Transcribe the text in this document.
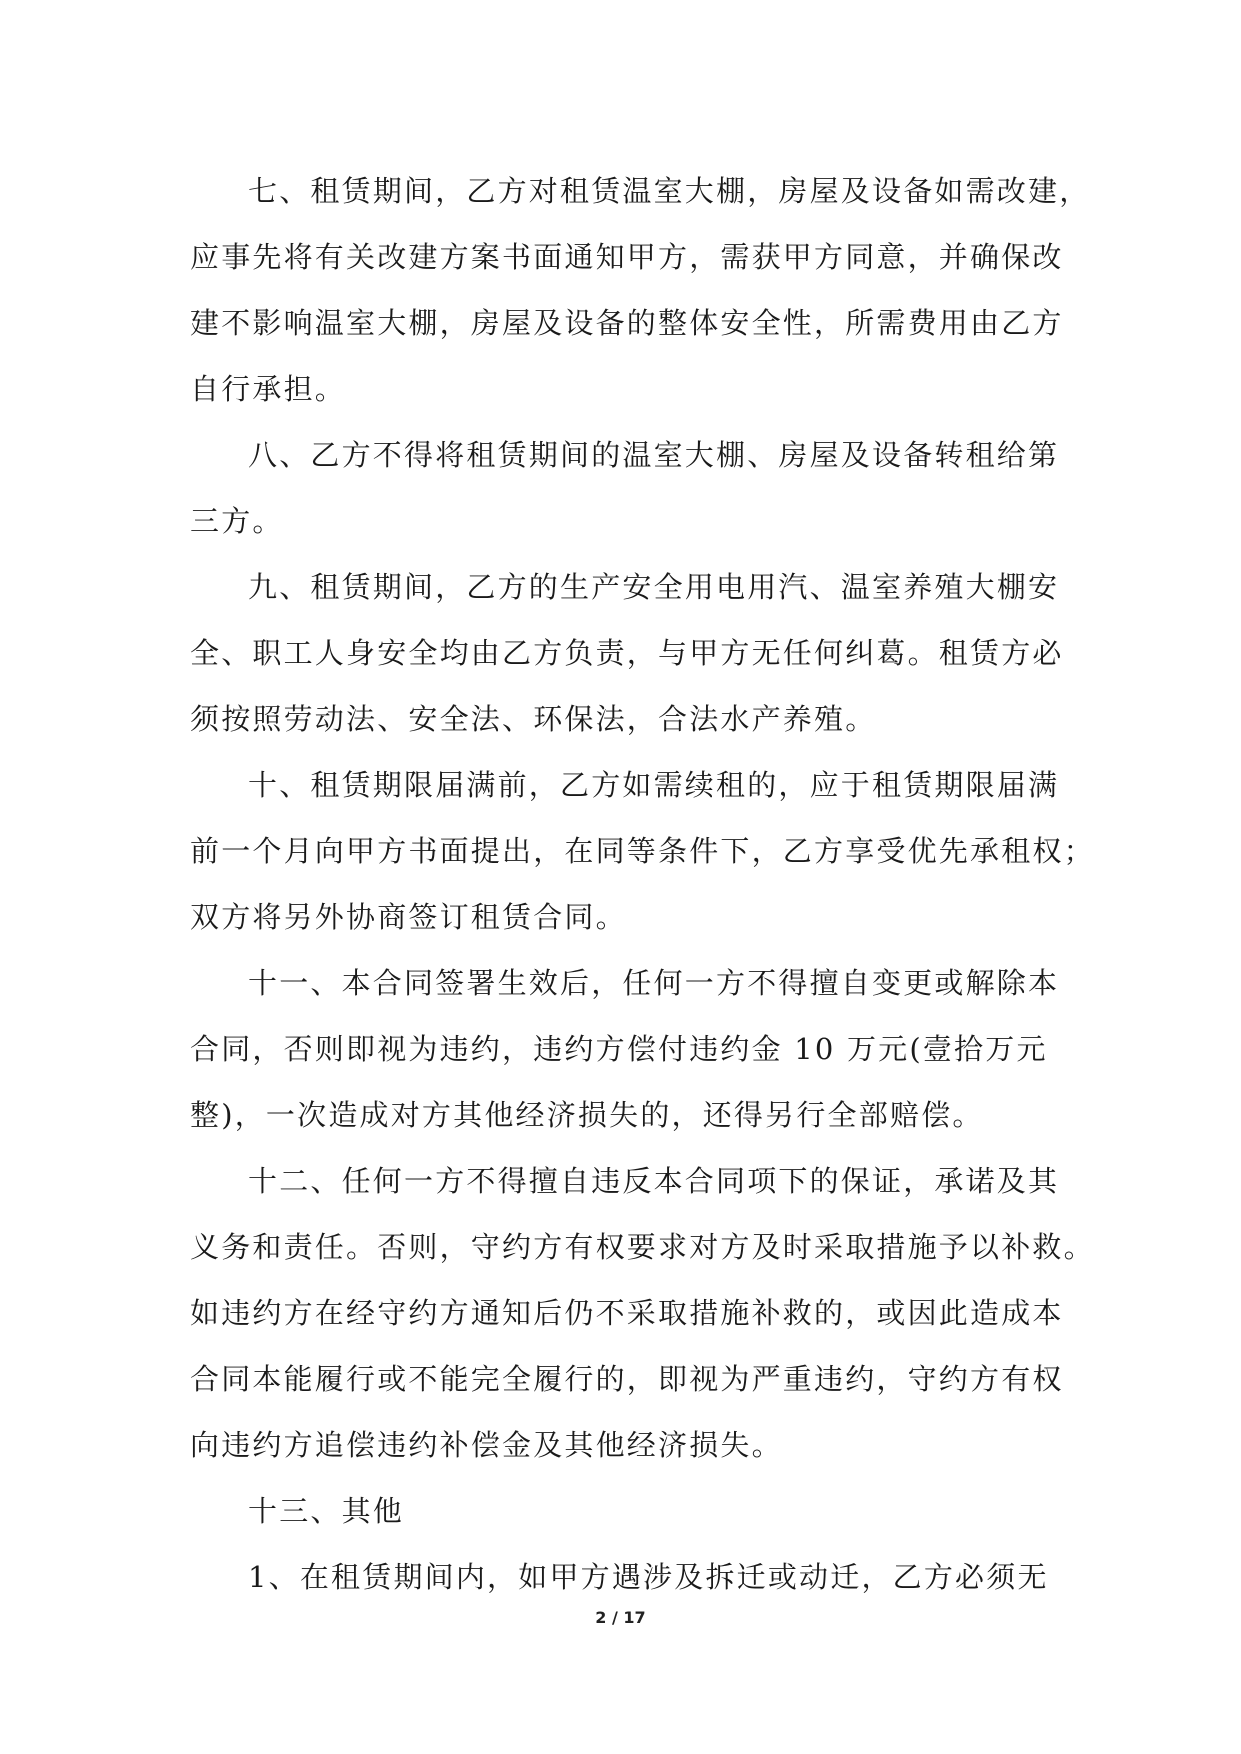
七、租赁期间，乙方对租赁温室大棚，房屋及设备如需改建，
应事先将有关改建方案书面通知甲方，需获甲方同意，并确保改
建不影响温室大棚，房屋及设备的整体安全性，所需费用由乙方
自行承担。
八、乙方不得将租赁期间的温室大棚、房屋及设备转租给第
三方。
九、租赁期间，乙方的生产安全用电用汽、温室养殖大棚安
全、职工人身安全均由乙方负责，与甲方无任何纠葛。租赁方必
须按照劳动法、安全法、环保法，合法水产养殖。
十、租赁期限届满前，乙方如需续租的，应于租赁期限届满
前一个月向甲方书面提出，在同等条件下，乙方享受优先承租权；
双方将另外协商签订租赁合同。
十一、本合同签署生效后，任何一方不得擅自变更或解除本
合同，否则即视为违约，违约方偿付违约金 10 万元(壹拾万元
整)，一次造成对方其他经济损失的，还得另行全部赔偿。
十二、任何一方不得擅自违反本合同项下的保证，承诺及其
义务和责任。否则，守约方有权要求对方及时采取措施予以补救。
如违约方在经守约方通知后仍不采取措施补救的，或因此造成本
合同本能履行或不能完全履行的，即视为严重违约，守约方有权
向违约方追偿违约补偿金及其他经济损失。
十三、其他
1、在租赁期间内，如甲方遇涉及拆迁或动迁，乙方必须无
2 / 17
